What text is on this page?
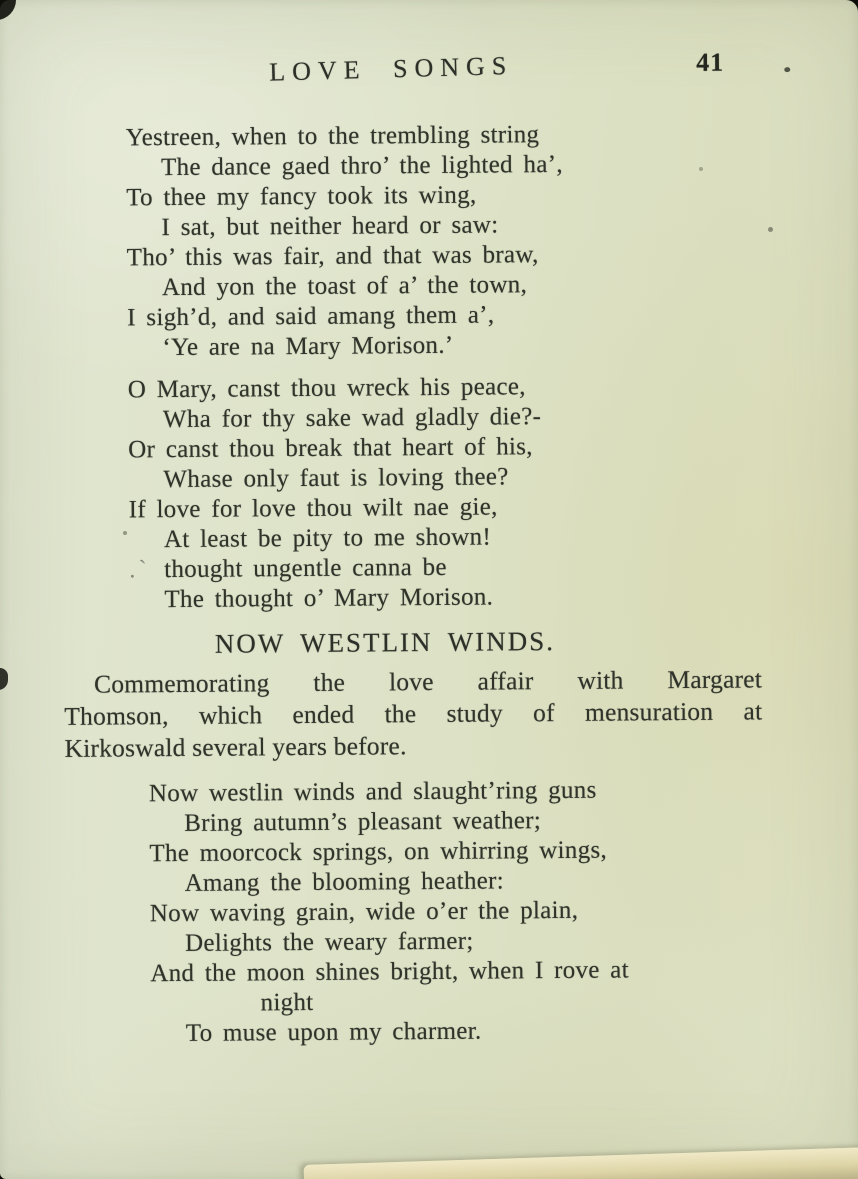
LOVE SONGS	41
Yestreen, when to the trembling string
The dance gaed thro’ the lighted ha’,
To thee my fancy took its wing,
I sat, but neither heard or saw:
Tho’ this was fair, and that was braw,
And yon the toast of a’ the town,
I sigh’d, and said amang them a’,
‘Ye are na Mary Morison.’
O Mary, canst thou wreck his peace,
Wha for thy sake wad gladly die?-
Or canst thou break that heart of his,
Whase only faut is loving thee?
If love for love thou wilt nae gie,
At least be pity to me shown!
.` thought ungentle canna be
The thought o’ Mary Morison.
NOW WESTLIN WINDS.
Commemorating the love affair with Margaret
Thomson, which ended the study of mensuration at
Kirkoswald several years before.
Now westlin winds and slaught’ring guns
Bring autumn’s pleasant weather;
The moorcock springs, on whirring wings,
Amang the blooming heather:
Now waving grain, wide o’er the plain,
Delights the weary farmer;
And the moon shines bright, when I rove at
night
To muse upon my charmer.
